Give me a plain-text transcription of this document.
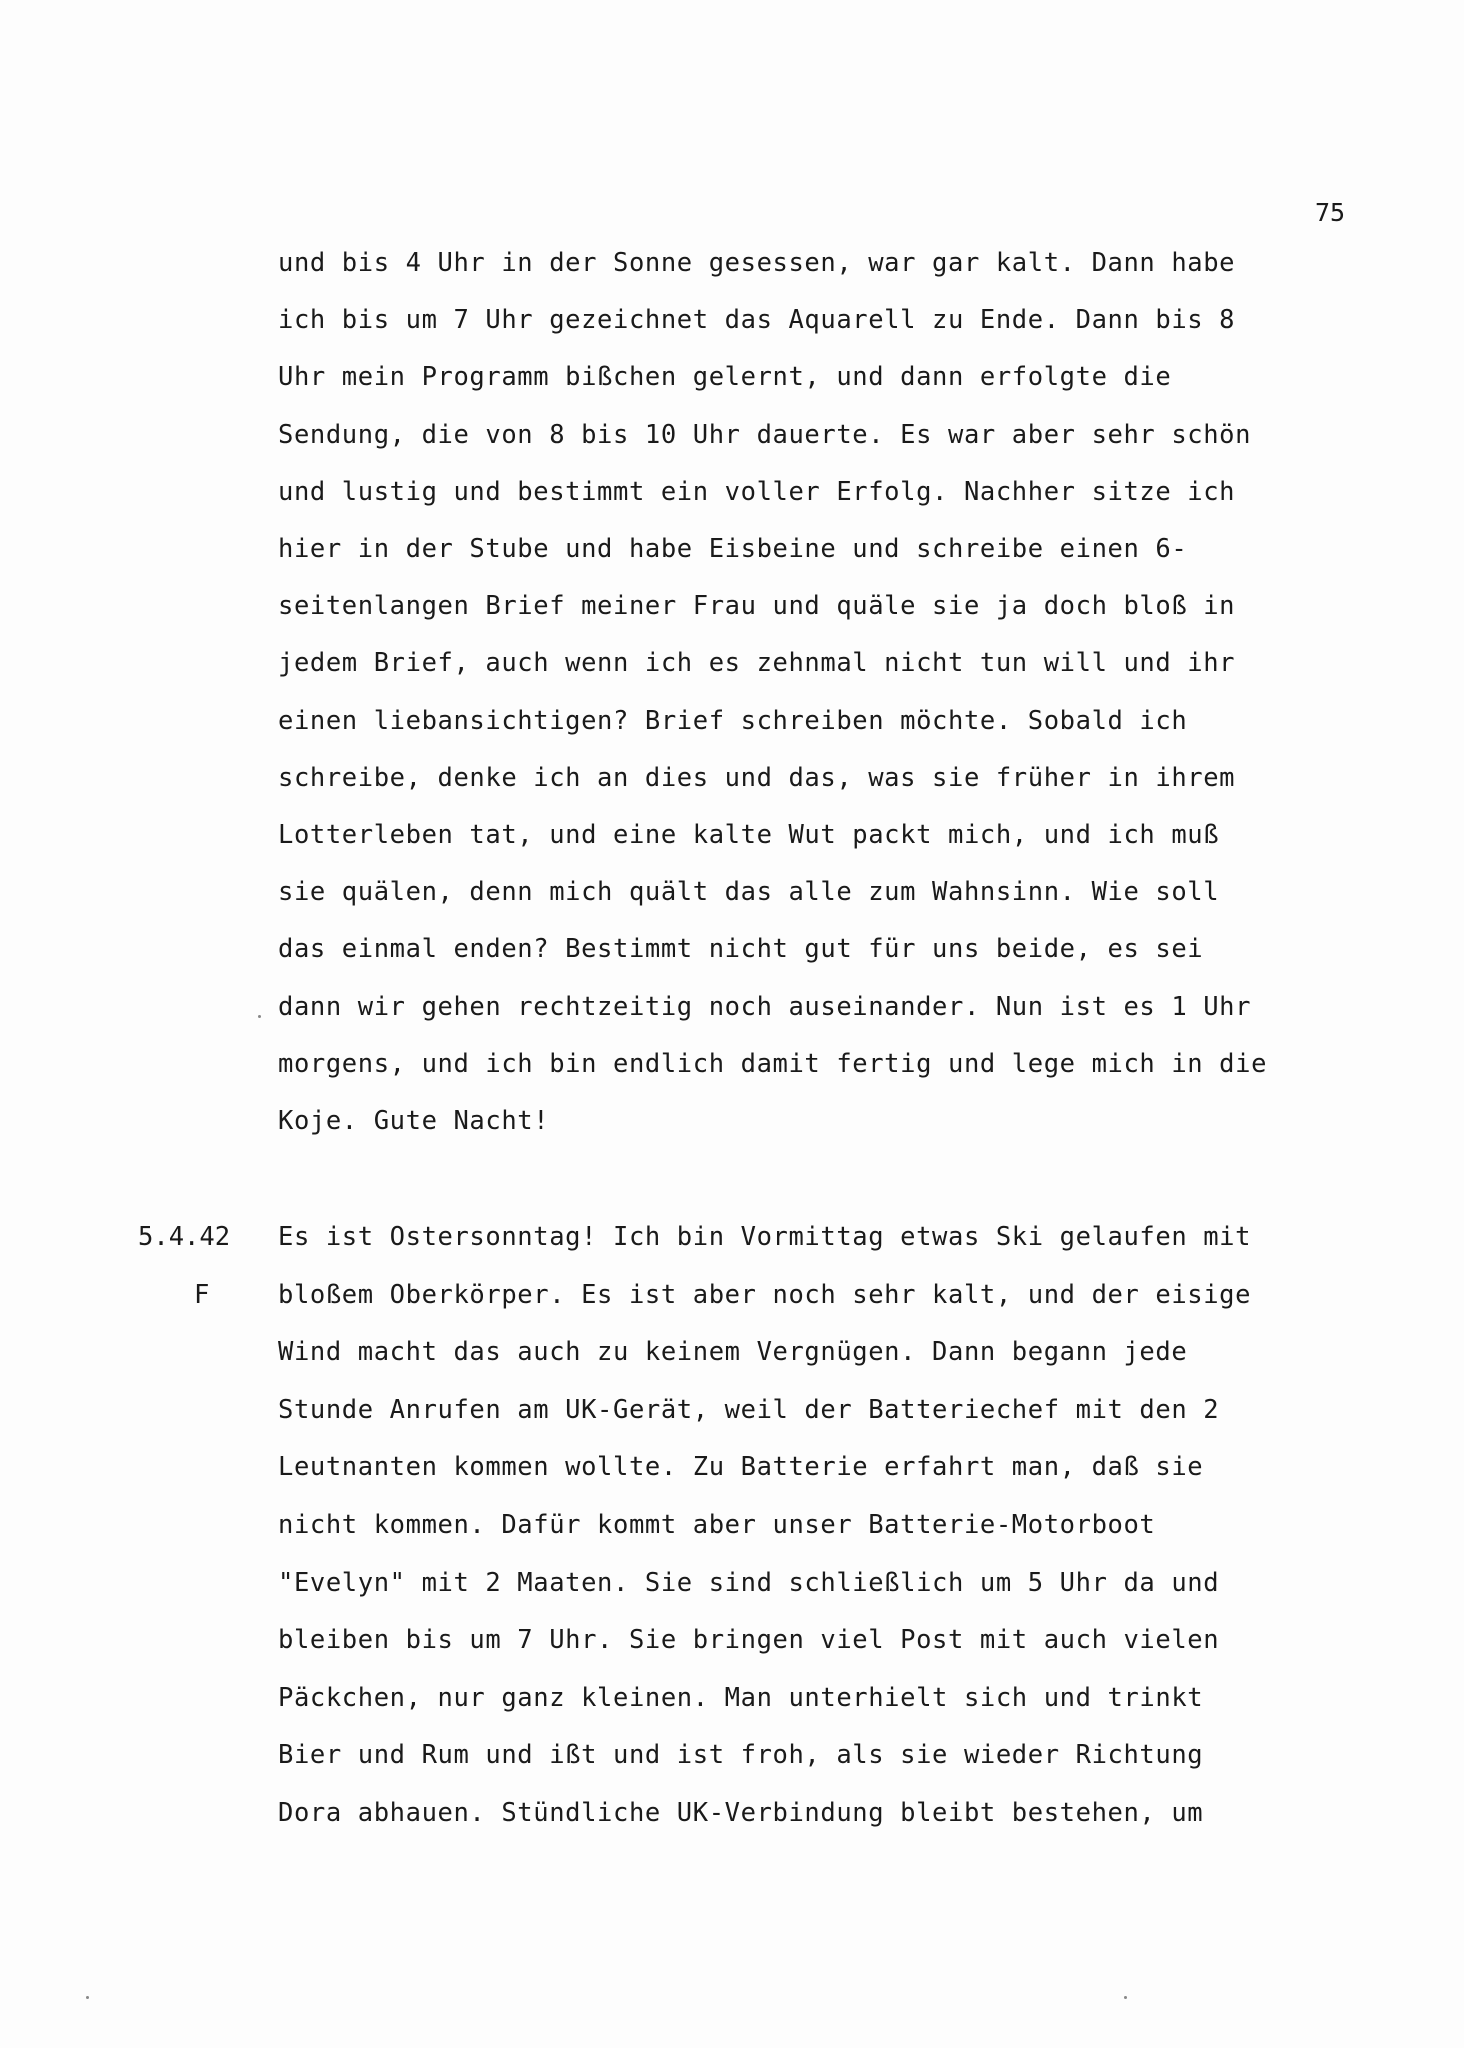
75
und bis 4 Uhr in der Sonne gesessen, war gar kalt. Dann habe
ich bis um 7 Uhr gezeichnet das Aquarell zu Ende. Dann bis 8
Uhr mein Programm bißchen gelernt, und dann erfolgte die
Sendung, die von 8 bis 10 Uhr dauerte. Es war aber sehr schön
und lustig und bestimmt ein voller Erfolg. Nachher sitze ich
hier in der Stube und habe Eisbeine und schreibe einen 6-
seitenlangen Brief meiner Frau und quäle sie ja doch bloß in
jedem Brief, auch wenn ich es zehnmal nicht tun will und ihr
einen liebansichtigen? Brief schreiben möchte. Sobald ich
schreibe, denke ich an dies und das, was sie früher in ihrem
Lotterleben tat, und eine kalte Wut packt mich, und ich muß
sie quälen, denn mich quält das alle zum Wahnsinn. Wie soll
das einmal enden? Bestimmt nicht gut für uns beide, es sei
dann wir gehen rechtzeitig noch auseinander. Nun ist es 1 Uhr
morgens, und ich bin endlich damit fertig und lege mich in die
Koje. Gute Nacht!
5.4.42
F
Es ist Ostersonntag! Ich bin Vormittag etwas Ski gelaufen mit
bloßem Oberkörper. Es ist aber noch sehr kalt, und der eisige
Wind macht das auch zu keinem Vergnügen. Dann begann jede
Stunde Anrufen am UK-Gerät, weil der Batteriechef mit den 2
Leutnanten kommen wollte. Zu Batterie erfahrt man, daß sie
nicht kommen. Dafür kommt aber unser Batterie-Motorboot
"Evelyn" mit 2 Maaten. Sie sind schließlich um 5 Uhr da und
bleiben bis um 7 Uhr. Sie bringen viel Post mit auch vielen
Päckchen, nur ganz kleinen. Man unterhielt sich und trinkt
Bier und Rum und ißt und ist froh, als sie wieder Richtung
Dora abhauen. Stündliche UK-Verbindung bleibt bestehen, um
